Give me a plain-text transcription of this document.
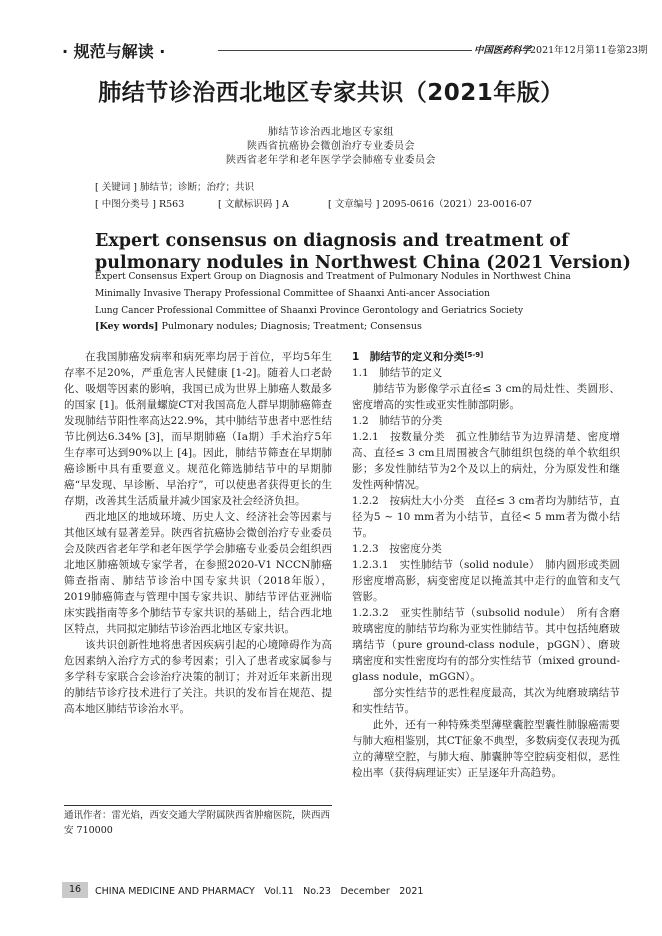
· 规范与解读 ·	中国医药科学
2021年12月第11卷第23期
肺结节诊治西北地区专家共识（2021年版）
肺结节诊治西北地区专家组
陕西省抗癌协会微创治疗专业委员会
陕西省老年学和老年医学学会肺癌专业委员会
[ 关键词 ] 肺结节；诊断；治疗；共识
[ 中图分类号 ] R563	[ 文献标识码 ] A	[ 文章编号 ] 2095-0616（2021）23-0016-07
Expert consensus on diagnosis and treatment of pulmonary nodules in Northwest China (2021 Version)
Expert Consensus Expert Group on Diagnosis and Treatment of Pulmonary Nodules in Northwest China
Minimally Invasive Therapy Professional Committee of Shaanxi Anti-ancer Association
Lung Cancer Professional Committee of Shaanxi Province Gerontology and Geriatrics Society
[Key words] Pulmonary nodules; Diagnosis; Treatment; Consensus

在我国肺癌发病率和病死率均居于首位，平均5年生存率不足20%，严重危害人民健康 [1-2]。随着人口老龄化、吸烟等因素的影响，我国已成为世界上肺癌人数最多的国家 [1]。低剂量螺旋CT对我国高危人群早期肺癌筛查发现肺结节阳性率高达22.9%，其中肺结节患者中恶性结节比例达6.34% [3]，而早期肺癌（Ⅰa期）手术治疗5年生存率可达到90%以上 [4]。因此，肺结节筛查在早期肺癌诊断中具有重要意义。规范化筛选肺结节中的早期肺癌“早发现、早诊断、早治疗”，可以使患者获得更长的生存期，改善其生活质量并减少国家及社会经济负担。

西北地区的地域环境、历史人文、经济社会等因素与其他区域有显著差异。陕西省抗癌协会微创治疗专业委员会及陕西省老年学和老年医学学会肺癌专业委员会组织西北地区肺癌领域专家学者，在参照2020-V1 NCCN肺癌筛查指南、肺结节诊治中国专家共识（2018年版），2019肺癌筛查与管理中国专家共识、肺结节评估亚洲临床实践指南等多个肺结节专家共识的基础上，结合西北地区特点，共同拟定肺结节诊治西北地区专家共识。

该共识创新性地将患者因疾病引起的心境障碍作为高危因素纳入治疗方式的参考因素；引入了患者或家属参与多学科专家联合会诊治疗决策的制订；并对近年来新出现的肺结节诊疗技术进行了关注。共识的发布旨在规范、提高本地区肺结节诊治水平。

通讯作者：雷光焰，西安交通大学附属陕西省肿瘤医院，陕西西安 710000

1　肺结节的定义和分类[5-9]

1.1　肺结节的定义

肺结节为影像学示直径≤ 3 cm的局灶性、类圆形、密度增高的实性或亚实性肺部阴影。

1.2　肺结节的分类

1.2.1　按数量分类　孤立性肺结节为边界清楚、密度增高、直径≤ 3 cm且周围被含气肺组织包绕的单个软组织影；多发性肺结节为2个及以上的病灶，分为原发性和继发性两种情况。

1.2.2　按病灶大小分类　直径≤ 3 cm者均为肺结节，直径为5 ~ 10 mm者为小结节，直径< 5 mm者为微小结节。

1.2.3　按密度分类

1.2.3.1　实性肺结节（solid nodule）　肺内圆形或类圆形密度增高影，病变密度足以掩盖其中走行的血管和支气管影。

1.2.3.2　亚实性肺结节（subsolid nodule）　所有含磨玻璃密度的肺结节均称为亚实性肺结节。其中包括纯磨玻璃结节（pure ground-class nodule，pGGN）、磨玻璃密度和实性密度均有的部分实性结节（mixed ground-glass nodule，mGGN）。

部分实性结节的恶性程度最高，其次为纯磨玻璃结节和实性结节。

此外，还有一种特殊类型薄壁囊腔型囊性肺腺癌需要与肺大疱相鉴别，其CT征象不典型，多数病变仅表现为孤立的薄壁空腔，与肺大疱、肺囊肿等空腔病变相似，恶性检出率（获得病理证实）正呈逐年升高趋势。

16	CHINA MEDICINE AND PHARMACY　Vol.11　No.23　December　2021
